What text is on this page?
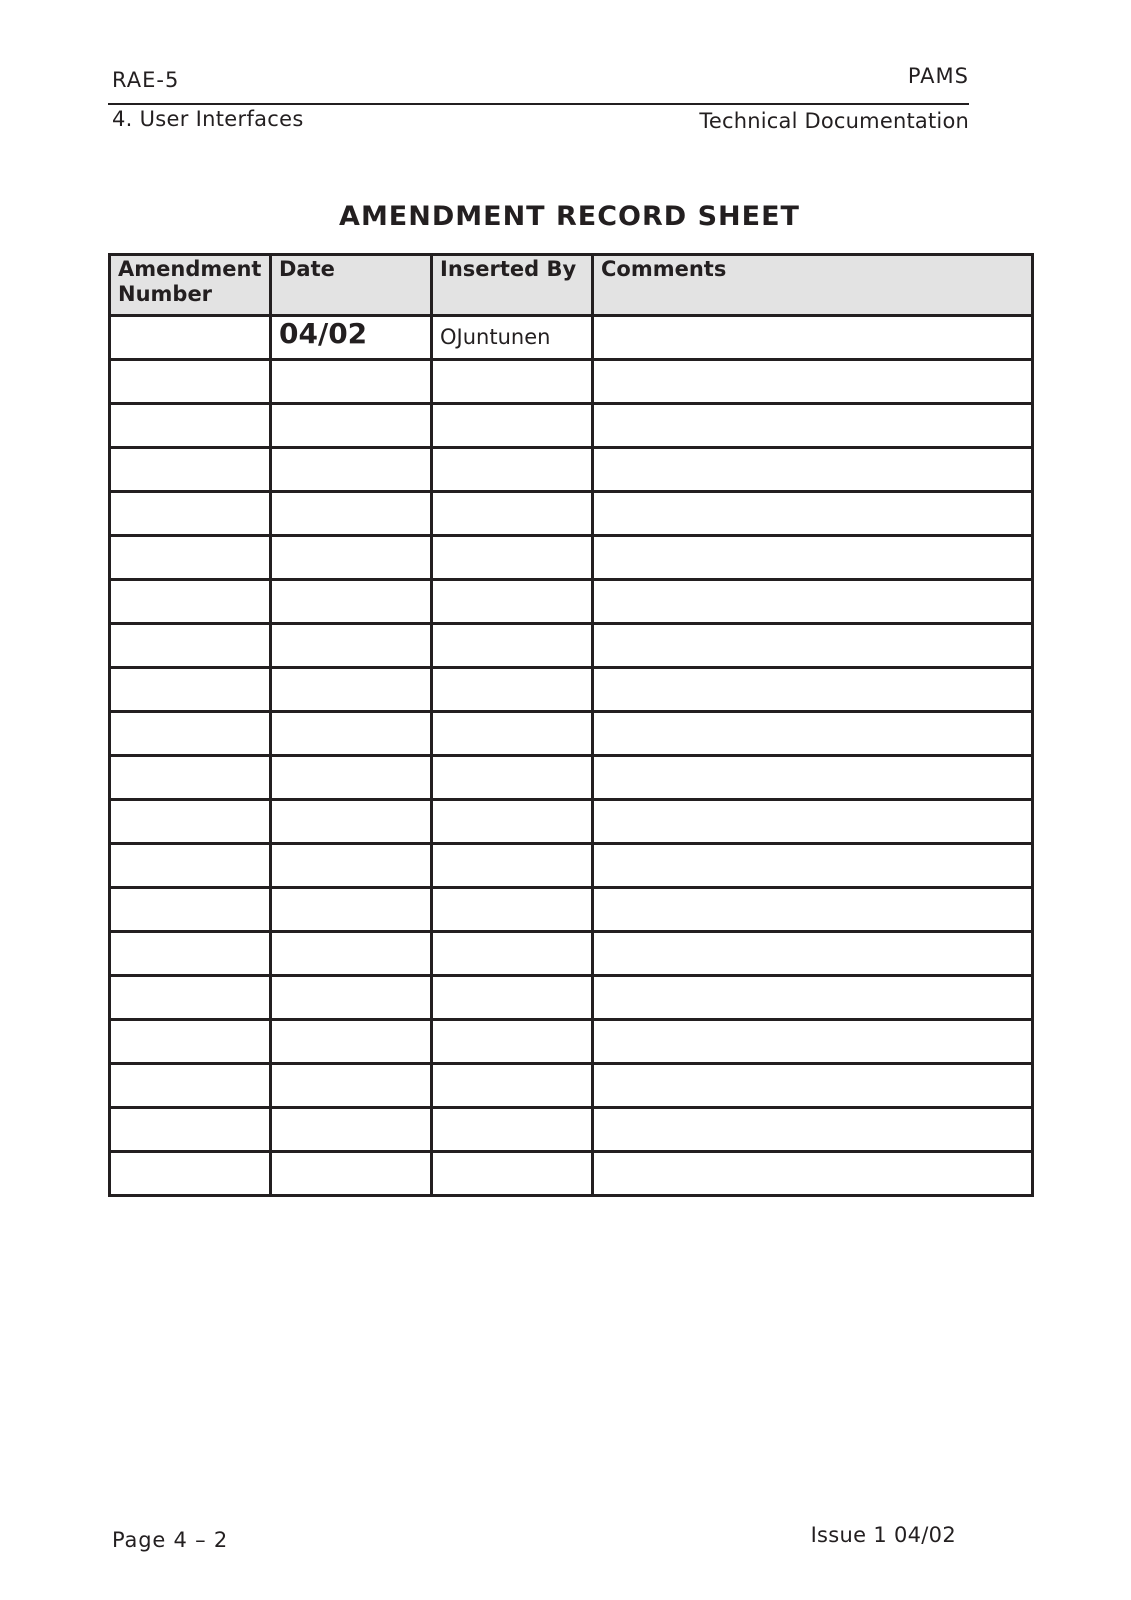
RAE-5	PAMS
4. User Interfaces	Technical Documentation
AMENDMENT RECORD SHEET
Amendment Number	Date	Inserted By	Comments
	04/02	OJuntunen	

Page 4 – 2	Issue 1 04/02
